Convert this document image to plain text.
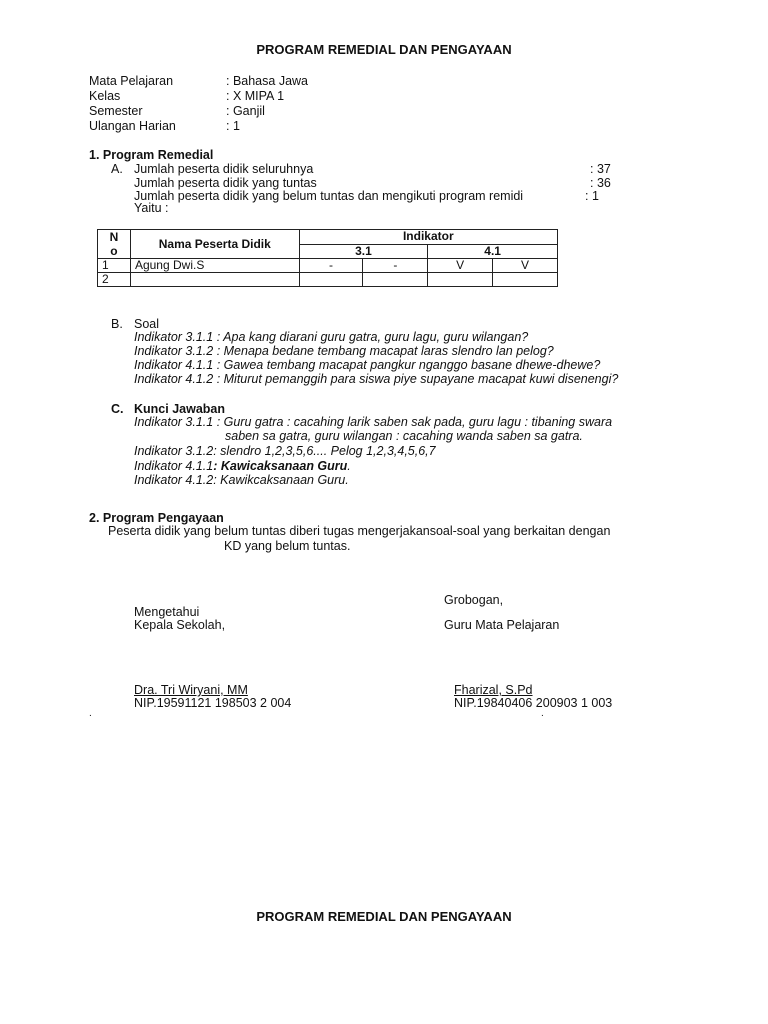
PROGRAM REMEDIAL DAN PENGAYAAN
Mata Pelajaran	: Bahasa Jawa
Kelas	: X MIPA 1
Semester	: Ganjil
Ulangan Harian	: 1
1. Program Remedial
A. Jumlah peserta didik seluruhnya	: 37
Jumlah peserta didik yang tuntas	: 36
Jumlah peserta didik yang belum tuntas dan mengikuti program remidi	: 1
Yaitu :
N
o	Nama Peserta Didik	Indikator			
		3.1		4.1	
1	Agung Dwi.S	-	-	V	V
2					
B. Soal
Indikator 3.1.1 : Apa kang diarani guru gatra, guru lagu, guru wilangan?
Indikator 3.1.2 : Menapa bedane tembang macapat laras slendro lan pelog?
Indikator 4.1.1 : Gawea tembang macapat pangkur nganggo basane dhewe-dhewe?
Indikator 4.1.2 : Miturut pemanggih para siswa piye supayane macapat kuwi disenengi?
C. Kunci Jawaban
Indikator 3.1.1 : Guru gatra : cacahing larik saben sak pada, guru lagu : tibaning swara
saben sa gatra, guru wilangan : cacahing wanda saben sa gatra.
Indikator 3.1.2: slendro 1,2,3,5,6.... Pelog 1,2,3,4,5,6,7
Indikator 4.1.1: Kawicaksanaan Guru.
Indikator 4.1.2: Kawikcaksanaan Guru.
2. Program Pengayaan
Peserta didik yang belum tuntas diberi tugas mengerjakansoal-soal yang berkaitan dengan
KD yang belum tuntas.
Grobogan,
Mengetahui
Kepala Sekolah,	Guru Mata Pelajaran
Dra. Tri Wiryani, MM
NIP.19591121 198503 2 004
Fharizal, S.Pd
NIP.19840406 200903 1 003
.	.
PROGRAM REMEDIAL DAN PENGAYAAN
